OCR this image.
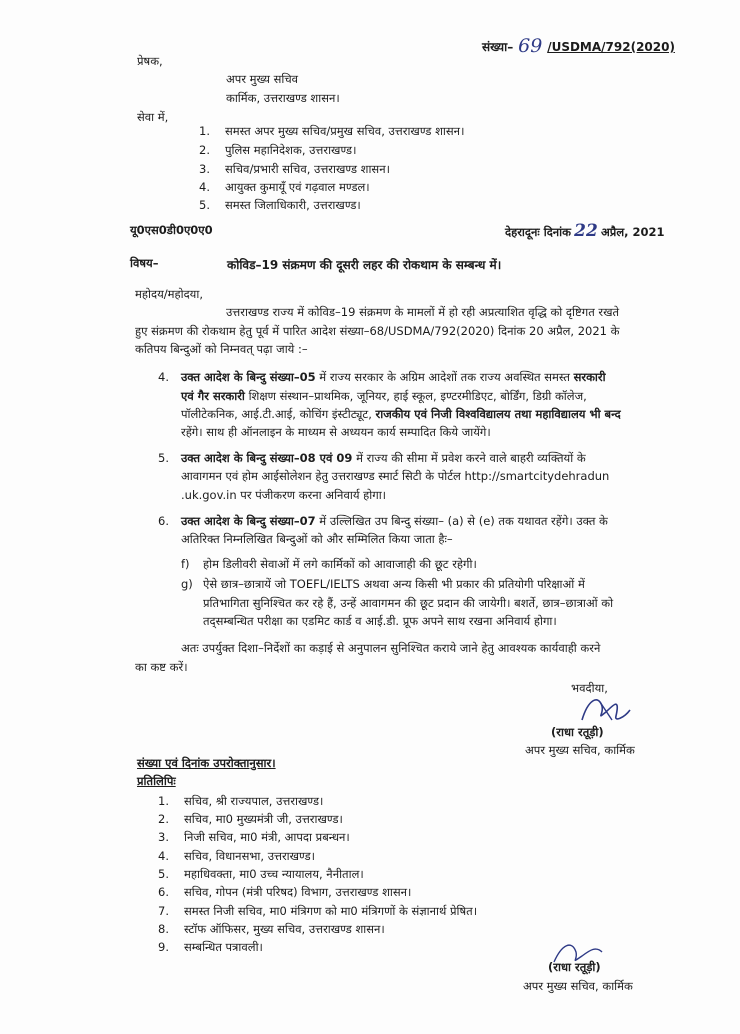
संख्या– 69 /USDMA/792(2020)
प्रेषक,
अपर मुख्य सचिव
कार्मिक, उत्तराखण्ड शासन।
सेवा में,
1. समस्त अपर मुख्य सचिव/प्रमुख सचिव, उत्तराखण्ड शासन।
2. पुलिस महानिदेशक, उत्तराखण्ड।
3. सचिव/प्रभारी सचिव, उत्तराखण्ड शासन।
4. आयुक्त कुमायूँ एवं गढ़वाल मण्डल।
5. समस्त जिलाधिकारी, उत्तराखण्ड।
यू0एस0डी0ए0ए0	देहरादूनः दिनांक 22 अप्रैल, 2021
विषय–	कोविड–19 संक्रमण की दूसरी लहर की रोकथाम के सम्बन्ध में।
महोदय/महोदया,
उत्तराखण्ड राज्य में कोविड–19 संक्रमण के मामलों में हो रही अप्रत्याशित वृद्धि को दृष्टिगत रखते
हुए संक्रमण की रोकथाम हेतु पूर्व में पारित आदेश संख्या–68/USDMA/792(2020) दिनांक 20 अप्रैल, 2021 के
कतिपय बिन्दुओं को निम्नवत् पढ़ा जाये :–
4. उक्त आदेश के बिन्दु संख्या–05 में राज्य सरकार के अग्रिम आदेशों तक राज्य अवस्थित समस्त सरकारी
एवं गैर सरकारी शिक्षण संस्थान–प्राथमिक, जूनियर, हाई स्कूल, इण्टरमीडिएट, बोर्डिंग, डिग्री कॉलेज,
पॉलीटेकनिक, आई.टी.आई, कोचिंग इंस्टीट्यूट, राजकीय एवं निजी विश्वविद्यालय तथा महाविद्यालय भी बन्द
रहेंगे। साथ ही ऑनलाइन के माध्यम से अध्ययन कार्य सम्पादित किये जायेंगे।
5. उक्त आदेश के बिन्दु संख्या–08 एवं 09 में राज्य की सीमा में प्रवेश करने वाले बाहरी व्यक्तियों के
आवागमन एवं होम आईसोलेशन हेतु उत्तराखण्ड स्मार्ट सिटी के पोर्टल http://smartcitydehradun
.uk.gov.in पर पंजीकरण करना अनिवार्य होगा।
6. उक्त आदेश के बिन्दु संख्या–07 में उल्लिखित उप बिन्दु संख्या– (a) से (e) तक यथावत रहेंगे। उक्त के
अतिरिक्त निम्नलिखित बिन्दुओं को और सम्मिलित किया जाता हैः–
f) होम डिलीवरी सेवाओं में लगे कार्मिकों को आवाजाही की छूट रहेगी।
g) ऐसे छात्र–छात्रायें जो TOEFL/IELTS अथवा अन्य किसी भी प्रकार की प्रतियोगी परिक्षाओं में
प्रतिभागिता सुनिश्चित कर रहे हैं, उन्हें आवागमन की छूट प्रदान की जायेगी। बशर्ते, छात्र–छात्राओं को
तद्सम्बन्धित परीक्षा का एडमिट कार्ड व आई.डी. प्रूफ अपने साथ रखना अनिवार्य होगा।
अतः उपर्युक्त दिशा–निर्देशों का कड़ाई से अनुपालन सुनिश्चित कराये जाने हेतु आवश्यक कार्यवाही करने
का कष्ट करें।
भवदीया,
(राधा रतूड़ी)
अपर मुख्य सचिव, कार्मिक
संख्या एवं दिनांक उपरोक्तानुसार।
प्रतिलिपिः
1. सचिव, श्री राज्यपाल, उत्तराखण्ड।
2. सचिव, मा0 मुख्यमंत्री जी, उत्तराखण्ड।
3. निजी सचिव, मा0 मंत्री, आपदा प्रबन्धन।
4. सचिव, विधानसभा, उत्तराखण्ड।
5. महाधिवक्ता, मा0 उच्च न्यायालय, नैनीताल।
6. सचिव, गोपन (मंत्री परिषद) विभाग, उत्तराखण्ड शासन।
7. समस्त निजी सचिव, मा0 मंत्रिगण को मा0 मंत्रिगणों के संज्ञानार्थ प्रेषित।
8. स्टॉफ ऑफिसर, मुख्य सचिव, उत्तराखण्ड शासन।
9. सम्बन्धित पत्रावली।
(राधा रतूड़ी)
अपर मुख्य सचिव, कार्मिक
